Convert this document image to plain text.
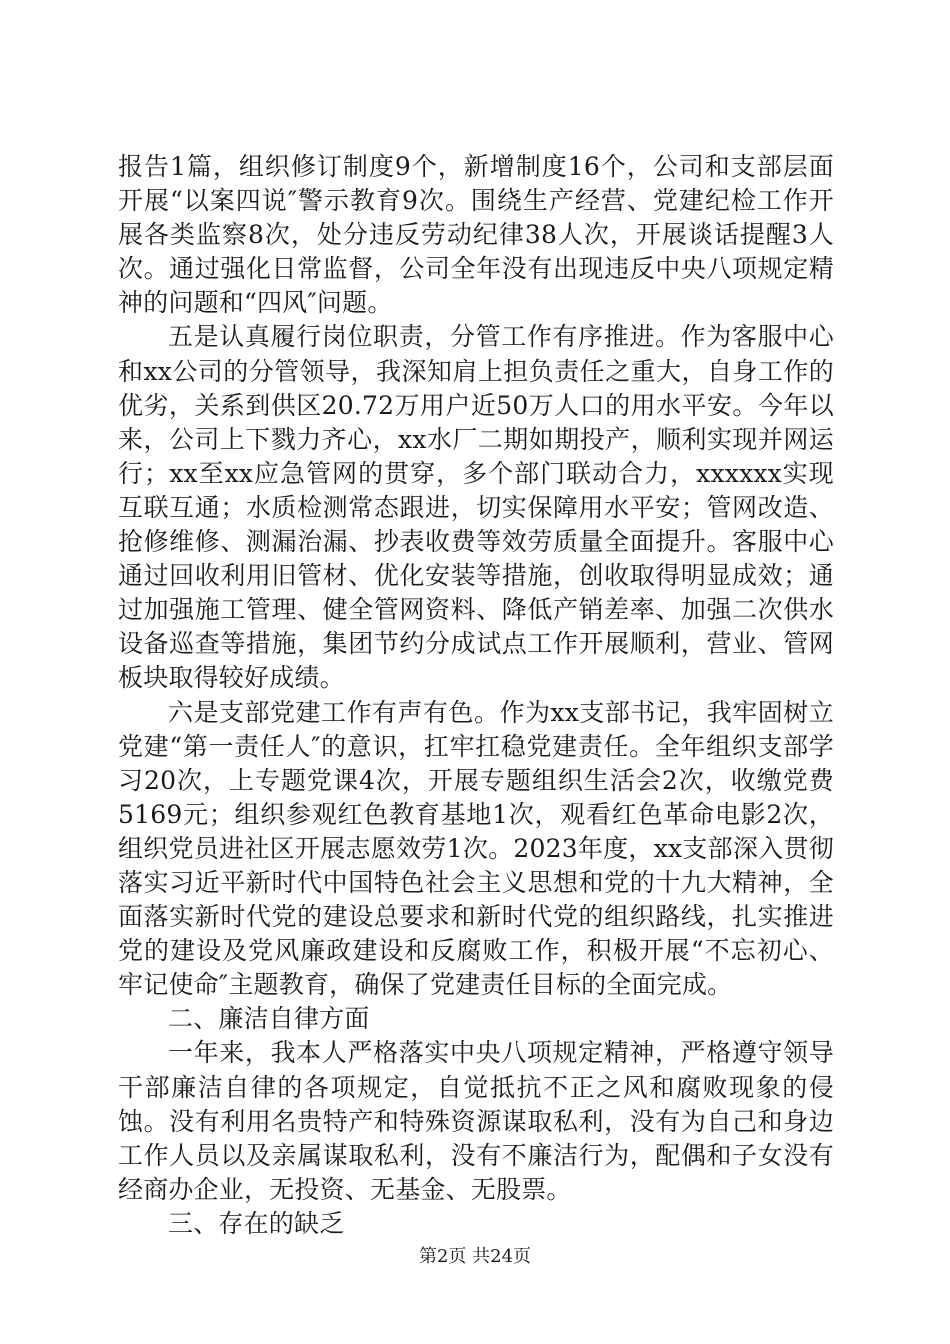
报告1篇，组织修订制度9个，新增制度16个，公司和支部层面开展“以案四说″警示教育9次。围绕生产经营、党建纪检工作开展各类监察8次，处分违反劳动纪律38人次，开展谈话提醒3人次。通过强化日常监督，公司全年没有出现违反中央八项规定精神的问题和“四风″问题。

五是认真履行岗位职责，分管工作有序推进。作为客服中心和xx公司的分管领导，我深知肩上担负责任之重大，自身工作的优劣，关系到供区20.72万用户近50万人口的用水平安。今年以来，公司上下戮力齐心，xx水厂二期如期投产，顺利实现并网运行；xx至xx应急管网的贯穿，多个部门联动合力，xxxxxx实现互联互通；水质检测常态跟进，切实保障用水平安；管网改造、抢修维修、测漏治漏、抄表收费等效劳质量全面提升。客服中心通过回收利用旧管材、优化安装等措施，创收取得明显成效；通过加强施工管理、健全管网资料、降低产销差率、加强二次供水设备巡查等措施，集团节约分成试点工作开展顺利，营业、管网板块取得较好成绩。

六是支部党建工作有声有色。作为xx支部书记，我牢固树立党建“第一责任人″的意识，扛牢扛稳党建责任。全年组织支部学习20次，上专题党课4次，开展专题组织生活会2次，收缴党费5169元；组织参观红色教育基地1次，观看红色革命电影2次，组织党员进社区开展志愿效劳1次。2023年度，xx支部深入贯彻落实习近平新时代中国特色社会主义思想和党的十九大精神，全面落实新时代党的建设总要求和新时代党的组织路线，扎实推进党的建设及党风廉政建设和反腐败工作，积极开展“不忘初心、牢记使命″主题教育，确保了党建责任目标的全面完成。

二、廉洁自律方面

一年来，我本人严格落实中央八项规定精神，严格遵守领导干部廉洁自律的各项规定，自觉抵抗不正之风和腐败现象的侵蚀。没有利用名贵特产和特殊资源谋取私利，没有为自己和身边工作人员以及亲属谋取私利，没有不廉洁行为，配偶和子女没有经商办企业，无投资、无基金、无股票。

三、存在的缺乏

第2页 共24页
